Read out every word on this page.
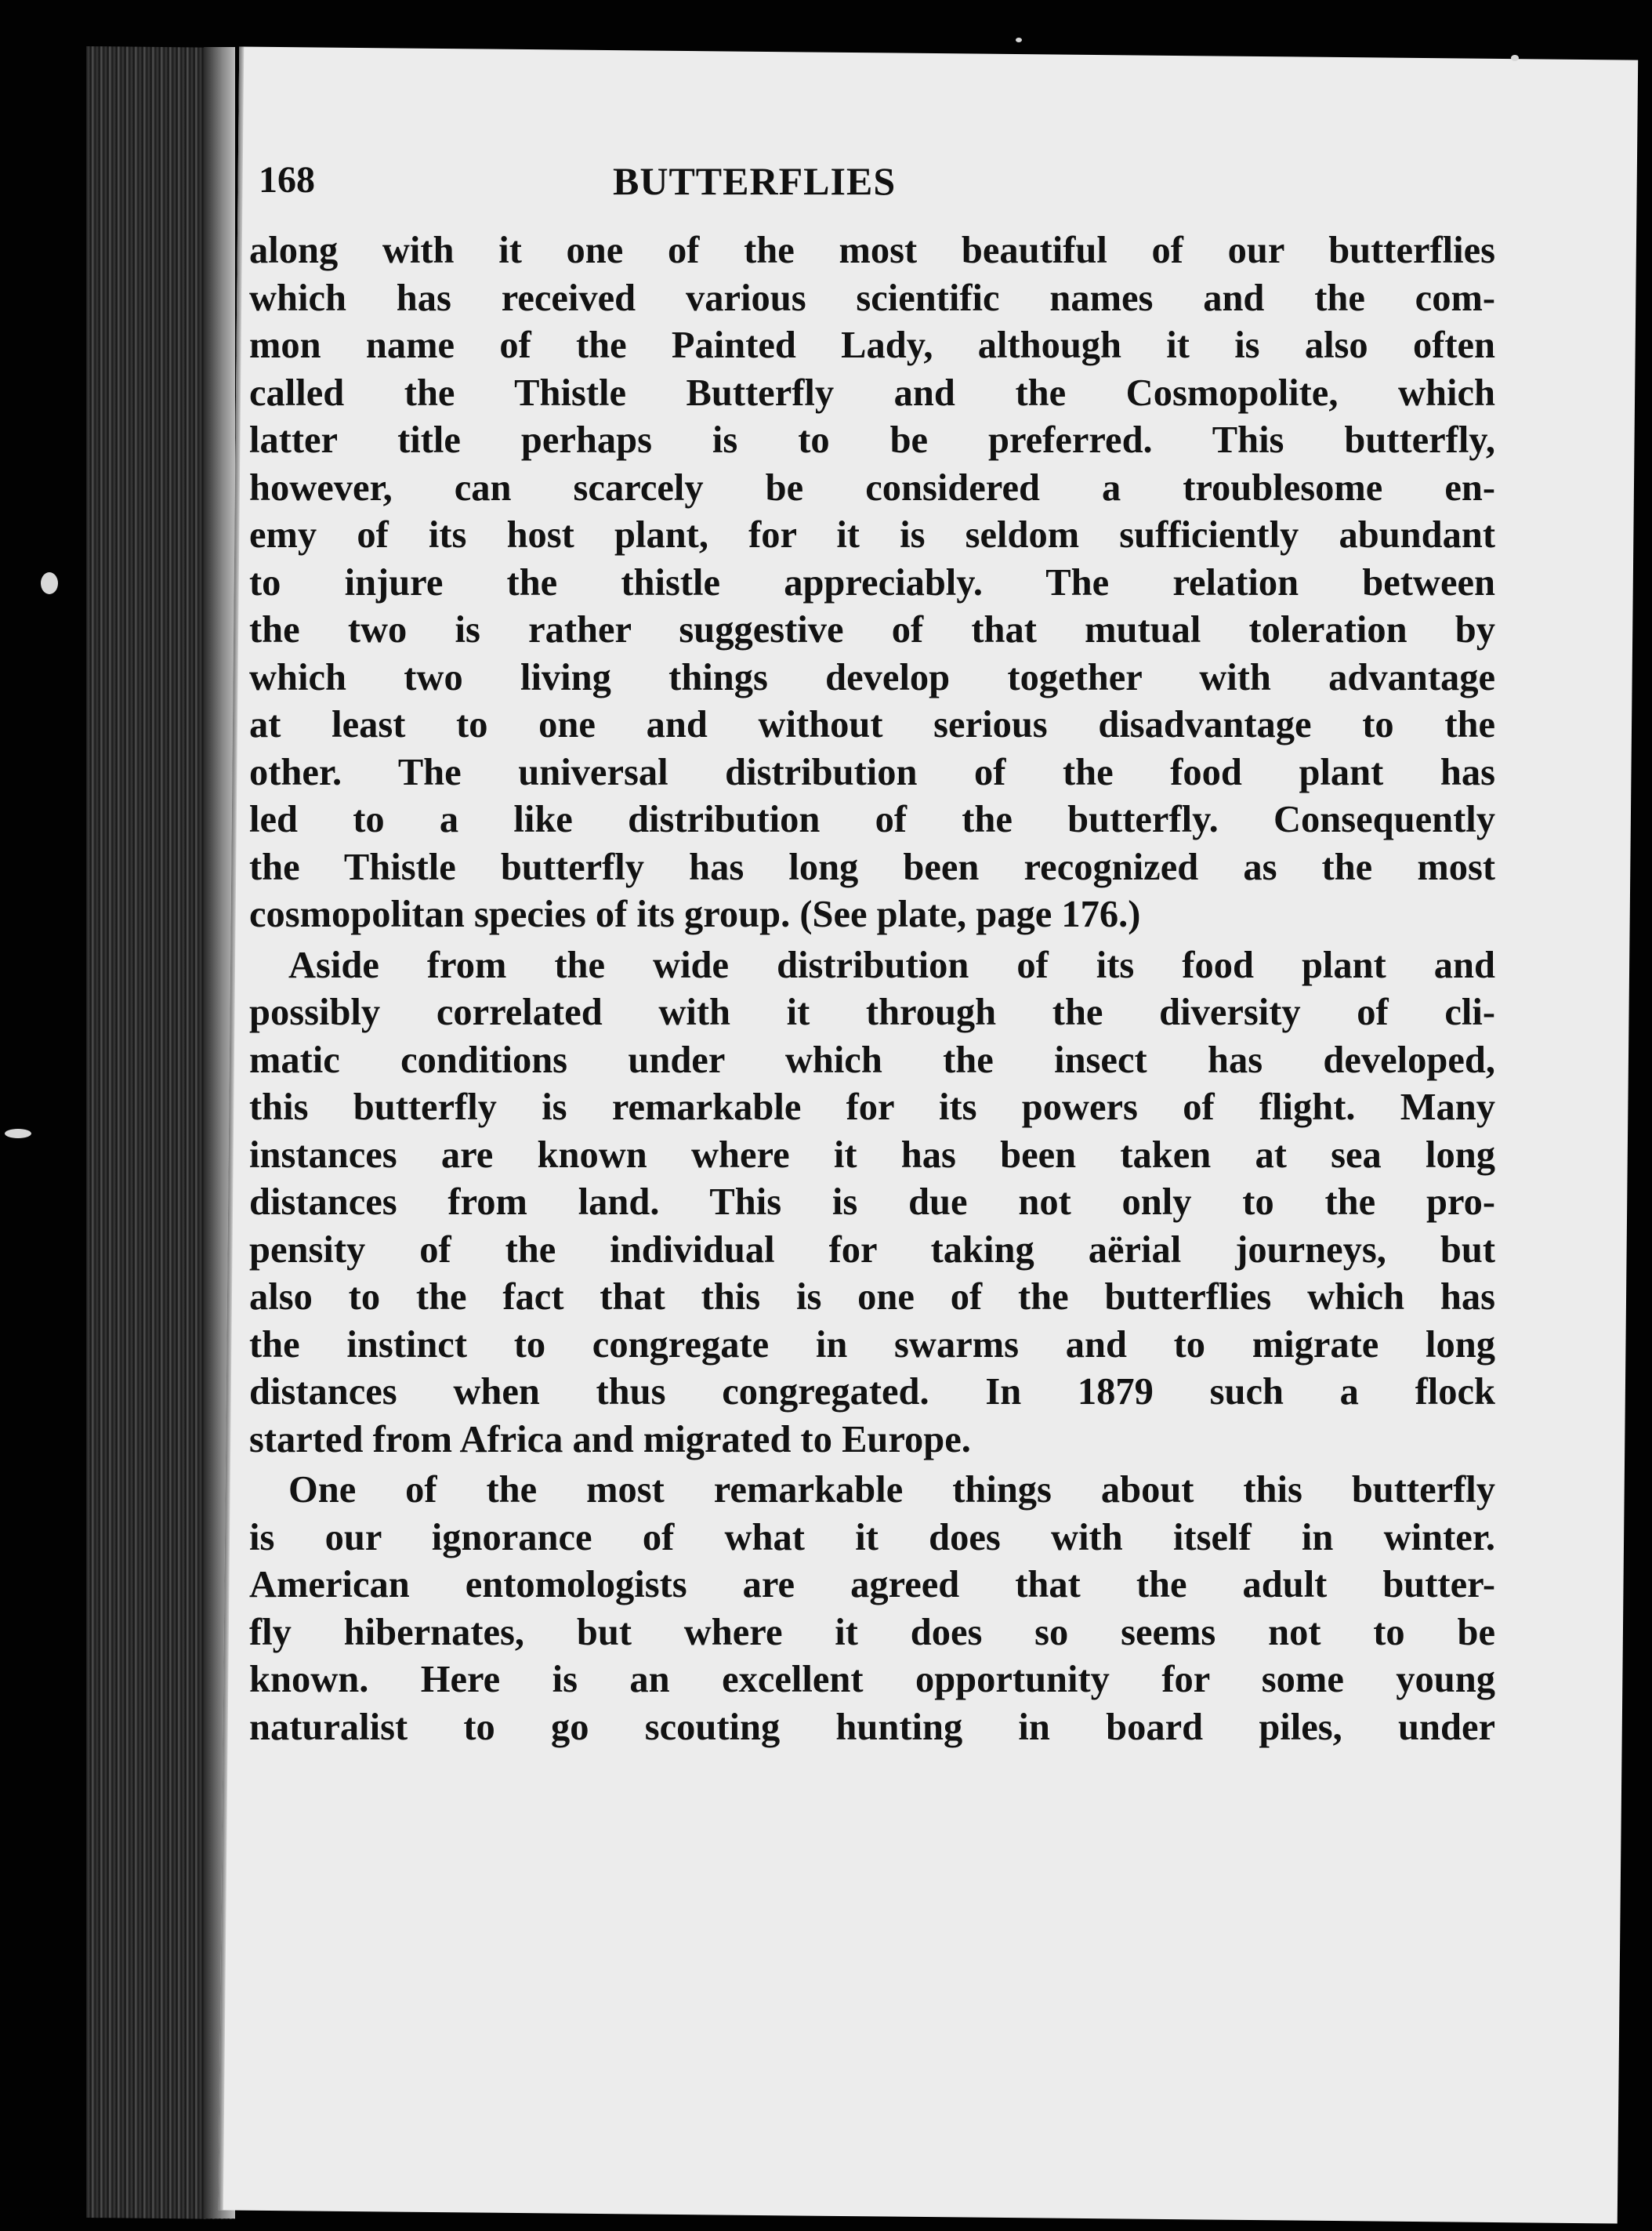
168	BUTTERFLIES
along with it one of the most beautiful of our butterflies
which has received various scientific names and the com-
mon name of the Painted Lady, although it is also often
called the Thistle Butterfly and the Cosmopolite, which
latter title perhaps is to be preferred. This butterfly,
however, can scarcely be considered a troublesome en-
emy of its host plant, for it is seldom sufficiently abundant
to injure the thistle appreciably. The relation between
the two is rather suggestive of that mutual toleration by
which two living things develop together with advantage
at least to one and without serious disadvantage to the
other. The universal distribution of the food plant has
led to a like distribution of the butterfly. Consequently
the Thistle butterfly has long been recognized as the most
cosmopolitan species of its group. (See plate, page 176.)
Aside from the wide distribution of its food plant and
possibly correlated with it through the diversity of cli-
matic conditions under which the insect has developed,
this butterfly is remarkable for its powers of flight. Many
instances are known where it has been taken at sea long
distances from land. This is due not only to the pro-
pensity of the individual for taking aërial journeys, but
also to the fact that this is one of the butterflies which has
the instinct to congregate in swarms and to migrate long
distances when thus congregated. In 1879 such a flock
started from Africa and migrated to Europe.
One of the most remarkable things about this butterfly
is our ignorance of what it does with itself in winter.
American entomologists are agreed that the adult butter-
fly hibernates, but where it does so seems not to be
known. Here is an excellent opportunity for some young
naturalist to go scouting hunting in board piles, under
